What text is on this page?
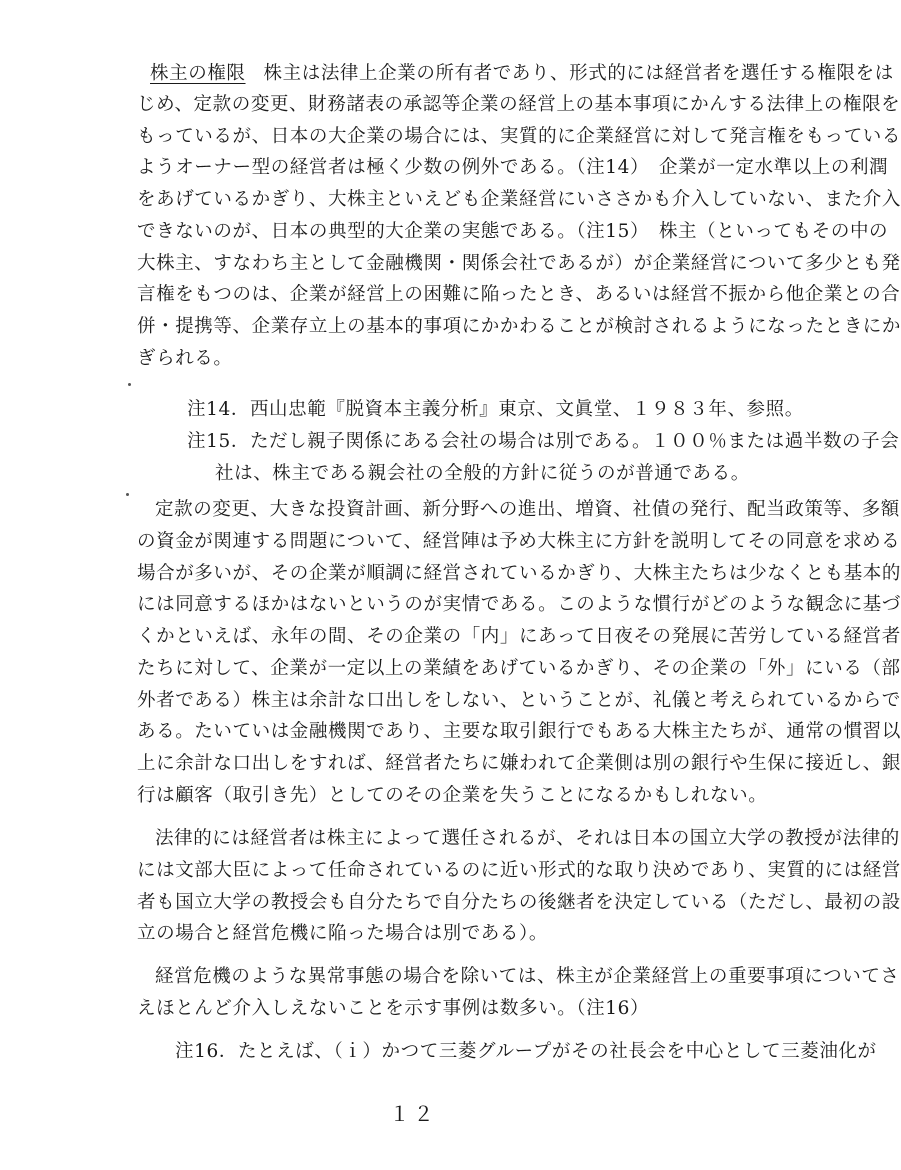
株主の権限 株主は法律上企業の所有者であり、形式的には経営者を選任する権限をは
じめ、定款の変更、財務諸表の承認等企業の経営上の基本事項にかんする法律上の権限を
もっているが、日本の大企業の場合には、実質的に企業経営に対して発言権をもっている
ようオーナー型の経営者は極く少数の例外である。（注14）　企業が一定水準以上の利潤
をあげているかぎり、大株主といえども企業経営にいささかも介入していない、また介入
できないのが、日本の典型的大企業の実態である。（注15）　株主（といってもその中の
大株主、すなわち主として金融機関・関係会社であるが）が企業経営について多少とも発
言権をもつのは、企業が経営上の困難に陥ったとき、あるいは経営不振から他企業との合
併・提携等、企業存立上の基本的事項にかかわることが検討されるようになったときにか
ぎられる。
注14．西山忠範『脱資本主義分析』東京、文眞堂、１９８３年、参照。
注15．ただし親子関係にある会社の場合は別である。１００％または過半数の子会
社は、株主である親会社の全般的方針に従うのが普通である。
定款の変更、大きな投資計画、新分野への進出、増資、社債の発行、配当政策等、多額
の資金が関連する問題について、経営陣は予め大株主に方針を説明してその同意を求める
場合が多いが、その企業が順調に経営されているかぎり、大株主たちは少なくとも基本的
には同意するほかはないというのが実情である。このような慣行がどのような観念に基づ
くかといえば、永年の間、その企業の「内」にあって日夜その発展に苦労している経営者
たちに対して、企業が一定以上の業績をあげているかぎり、その企業の「外」にいる（部
外者である）株主は余計な口出しをしない、ということが、礼儀と考えられているからで
ある。たいていは金融機関であり、主要な取引銀行でもある大株主たちが、通常の慣習以
上に余計な口出しをすれば、経営者たちに嫌われて企業側は別の銀行や生保に接近し、銀
行は顧客（取引き先）としてのその企業を失うことになるかもしれない。
法律的には経営者は株主によって選任されるが、それは日本の国立大学の教授が法律的
には文部大臣によって任命されているのに近い形式的な取り決めであり、実質的には経営
者も国立大学の教授会も自分たちで自分たちの後継者を決定している（ただし、最初の設
立の場合と経営危機に陥った場合は別である）。
経営危機のような異常事態の場合を除いては、株主が企業経営上の重要事項についてさ
えほとんど介入しえないことを示す事例は数多い。（注16）
注16．たとえば、（ｉ）かつて三菱グループがその社長会を中心として三菱油化が
１２
